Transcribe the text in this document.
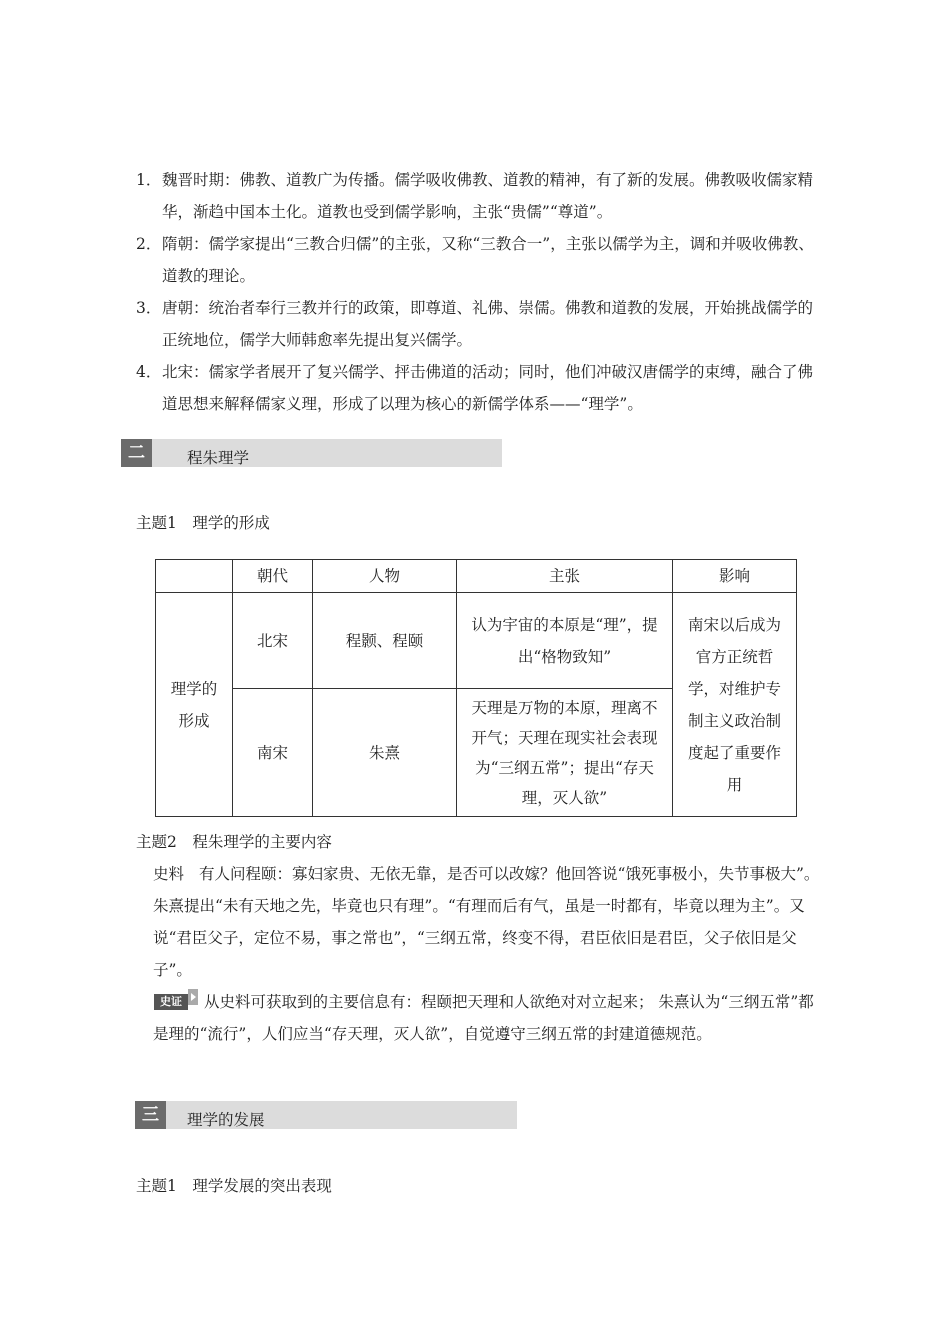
1． 魏晋时期：佛教、道教广为传播。儒学吸收佛教、道教的精神，有了新的发展。佛教吸收儒家精华，渐趋中国本土化。道教也受到儒学影响，主张“贵儒”“尊道”。
2． 隋朝：儒学家提出“三教合归儒”的主张，又称“三教合一”，主张以儒学为主，调和并吸收佛教、道教的理论。
3． 唐朝：统治者奉行三教并行的政策，即尊道、礼佛、崇儒。佛教和道教的发展，开始挑战儒学的正统地位，儒学大师韩愈率先提出复兴儒学。
4． 北宋：儒家学者展开了复兴儒学、抨击佛道的活动；同时，他们冲破汉唐儒学的束缚，融合了佛道思想来解释儒家义理，形成了以理为核心的新儒学体系——“理学”。
二	程朱理学
主题1　理学的形成
	朝代	人物	主张	影响
理学的形成	北宋	程颢、程颐	认为宇宙的本原是“理”，提出“格物致知”	南宋以后成为官方正统哲学，对维护专制主义政治制度起了重要作用
	南宋	朱熹	天理是万物的本原，理离不开气；天理在现实社会表现为“三纲五常”；提出“存天理，灭人欲”	
主题2　程朱理学的主要内容
史料 有人问程颐：寡妇家贵、无依无靠，是否可以改嫁？他回答说“饿死事极小，失节事极大”。朱熹提出“未有天地之先，毕竟也只有理”。“有理而后有气，虽是一时都有，毕竟以理为主”。又说“君臣父子，定位不易，事之常也”，“三纲五常，终变不得，君臣依旧是君臣，父子依旧是父子”。
史证 从史料可获取到的主要信息有：程颐把天理和人欲绝对对立起来； 朱熹认为“三纲五常”都是理的“流行”，人们应当“存天理，灭人欲”，自觉遵守三纲五常的封建道德规范。
三	理学的发展
主题1　理学发展的突出表现
